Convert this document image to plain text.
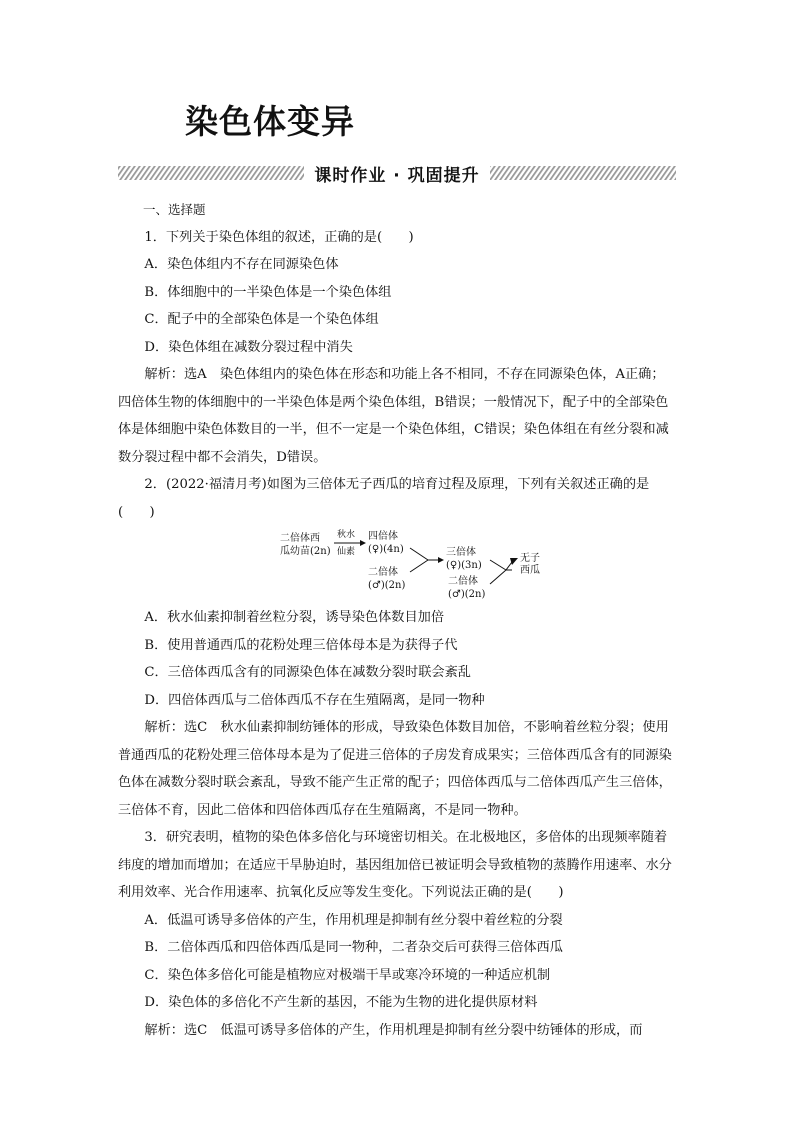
染色体变异
课时作业 · 巩固提升

一、选择题

1．下列关于染色体组的叙述，正确的是(　　)

A．染色体组内不存在同源染色体

B．体细胞中的一半染色体是一个染色体组

C．配子中的全部染色体是一个染色体组

D．染色体组在减数分裂过程中消失

解析：选A　染色体组内的染色体在形态和功能上各不相同，不存在同源染色体，A正确；四倍体生物的体细胞中的一半染色体是两个染色体组，B错误；一般情况下，配子中的全部染色体是体细胞中染色体数目的一半，但不一定是一个染色体组，C错误；染色体组在有丝分裂和减数分裂过程中都不会消失，D错误。

2．(2022·福清月考)如图为三倍体无子西瓜的培育过程及原理，下列有关叙述正确的是(　　)

二倍体西
瓜幼苗(2n)
秋水
仙素
四倍体
(♀)(4n)
二倍体
(♂)(2n)
三倍体
(♀)(3n)
二倍体
(♂)(2n)
无子
西瓜

A．秋水仙素抑制着丝粒分裂，诱导染色体数目加倍

B．使用普通西瓜的花粉处理三倍体母本是为获得子代

C．三倍体西瓜含有的同源染色体在减数分裂时联会紊乱

D．四倍体西瓜与二倍体西瓜不存在生殖隔离，是同一物种

解析：选C　秋水仙素抑制纺锤体的形成，导致染色体数目加倍，不影响着丝粒分裂；使用普通西瓜的花粉处理三倍体母本是为了促进三倍体的子房发育成果实；三倍体西瓜含有的同源染色体在减数分裂时联会紊乱，导致不能产生正常的配子；四倍体西瓜与二倍体西瓜产生三倍体，三倍体不育，因此二倍体和四倍体西瓜存在生殖隔离，不是同一物种。

3．研究表明，植物的染色体多倍化与环境密切相关。在北极地区，多倍体的出现频率随着纬度的增加而增加；在适应干旱胁迫时，基因组加倍已被证明会导致植物的蒸腾作用速率、水分利用效率、光合作用速率、抗氧化反应等发生变化。下列说法正确的是(　　)

A．低温可诱导多倍体的产生，作用机理是抑制有丝分裂中着丝粒的分裂

B．二倍体西瓜和四倍体西瓜是同一物种，二者杂交后可获得三倍体西瓜

C．染色体多倍化可能是植物应对极端干旱或寒冷环境的一种适应机制

D．染色体的多倍化不产生新的基因，不能为生物的进化提供原材料

解析：选C　低温可诱导多倍体的产生，作用机理是抑制有丝分裂中纺锤体的形成，而
